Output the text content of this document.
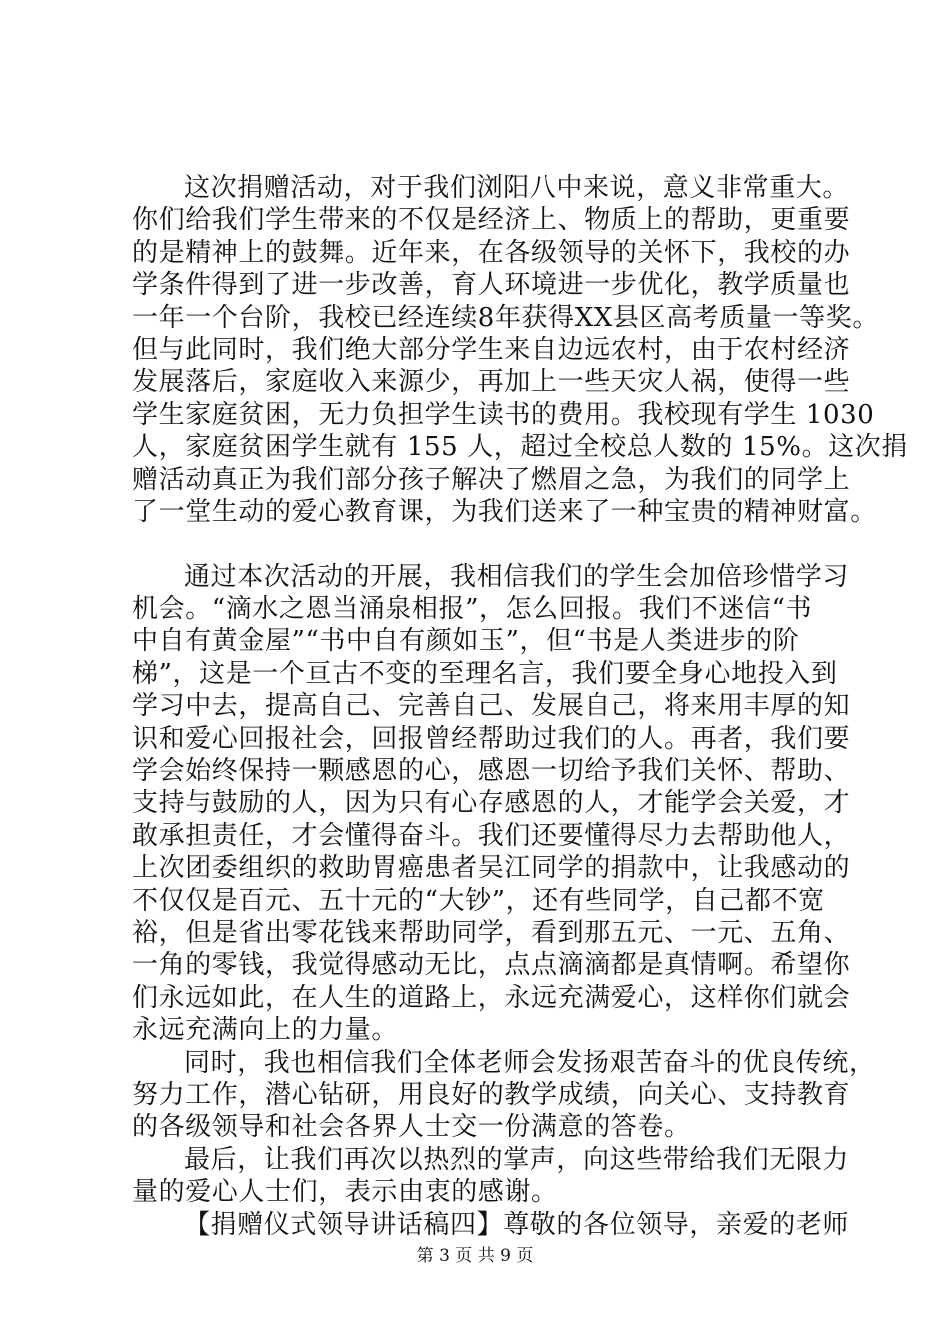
这次捐赠活动，对于我们浏阳八中来说，意义非常重大。
你们给我们学生带来的不仅是经济上、物质上的帮助，更重要
的是精神上的鼓舞。近年来，在各级领导的关怀下，我校的办
学条件得到了进一步改善，育人环境进一步优化，教学质量也
一年一个台阶，我校已经连续8年获得XX县区高考质量一等奖。
但与此同时，我们绝大部分学生来自边远农村，由于农村经济
发展落后，家庭收入来源少，再加上一些天灾人祸，使得一些
学生家庭贫困，无力负担学生读书的费用。我校现有学生 1030
人，家庭贫困学生就有 155 人，超过全校总人数的 15%。这次捐
赠活动真正为我们部分孩子解决了燃眉之急，为我们的同学上
了一堂生动的爱心教育课，为我们送来了一种宝贵的精神财富。
通过本次活动的开展，我相信我们的学生会加倍珍惜学习
机会。“滴水之恩当涌泉相报”，怎么回报。我们不迷信“书
中自有黄金屋”“书中自有颜如玉”，但“书是人类进步的阶
梯”，这是一个亘古不变的至理名言，我们要全身心地投入到
学习中去，提高自己、完善自己、发展自己，将来用丰厚的知
识和爱心回报社会，回报曾经帮助过我们的人。再者，我们要
学会始终保持一颗感恩的心，感恩一切给予我们关怀、帮助、
支持与鼓励的人，因为只有心存感恩的人，才能学会关爱，才
敢承担责任，才会懂得奋斗。我们还要懂得尽力去帮助他人，
上次团委组织的救助胃癌患者吴江同学的捐款中，让我感动的
不仅仅是百元、五十元的“大钞”，还有些同学，自己都不宽
裕，但是省出零花钱来帮助同学，看到那五元、一元、五角、
一角的零钱，我觉得感动无比，点点滴滴都是真情啊。希望你
们永远如此，在人生的道路上，永远充满爱心，这样你们就会
永远充满向上的力量。
同时，我也相信我们全体老师会发扬艰苦奋斗的优良传统，
努力工作，潜心钻研，用良好的教学成绩，向关心、支持教育
的各级领导和社会各界人士交一份满意的答卷。
最后，让我们再次以热烈的掌声，向这些带给我们无限力
量的爱心人士们，表示由衷的感谢。
【捐赠仪式领导讲话稿四】尊敬的各位领导，亲爱的老师
第 3 页 共 9 页
